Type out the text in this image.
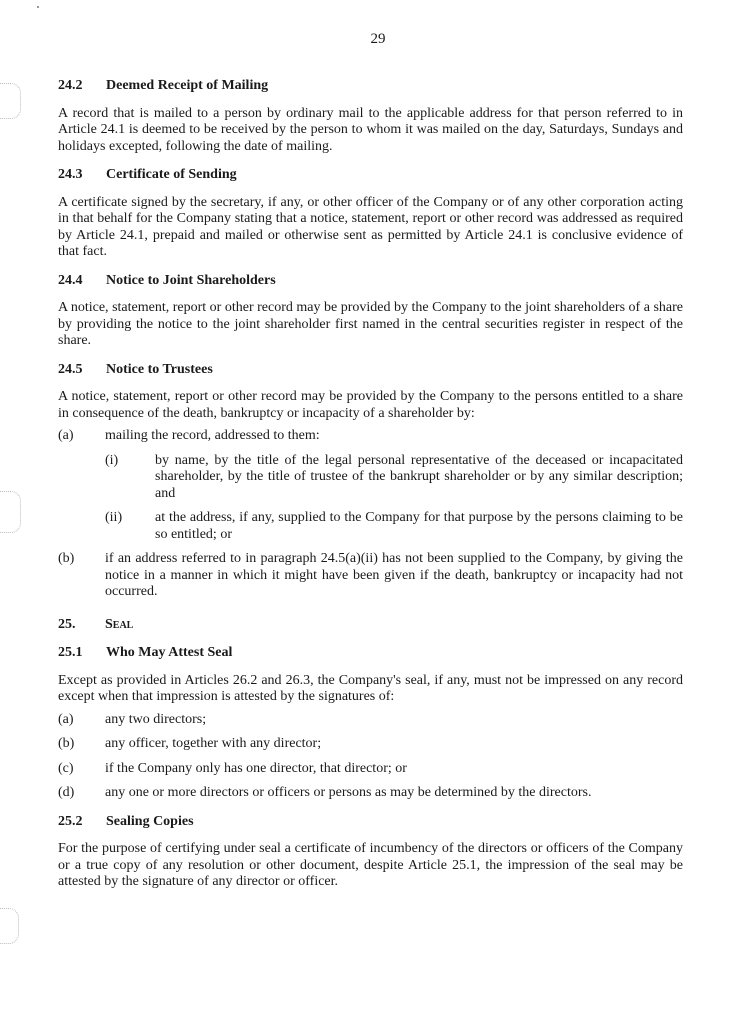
29
24.2 Deemed Receipt of Mailing

A record that is mailed to a person by ordinary mail to the applicable address for that person referred to in Article 24.1 is deemed to be received by the person to whom it was mailed on the day, Saturdays, Sundays and holidays excepted, following the date of mailing.

24.3 Certificate of Sending

A certificate signed by the secretary, if any, or other officer of the Company or of any other corporation acting in that behalf for the Company stating that a notice, statement, report or other record was addressed as required by Article 24.1, prepaid and mailed or otherwise sent as permitted by Article 24.1 is conclusive evidence of that fact.

24.4 Notice to Joint Shareholders

A notice, statement, report or other record may be provided by the Company to the joint shareholders of a share by providing the notice to the joint shareholder first named in the central securities register in respect of the share.

24.5 Notice to Trustees

A notice, statement, report or other record may be provided by the Company to the persons entitled to a share in consequence of the death, bankruptcy or incapacity of a shareholder by:

(a)	mailing the record, addressed to them:
(i)	by name, by the title of the legal personal representative of the deceased or incapacitated shareholder, by the title of trustee of the bankrupt shareholder or by any similar description; and
(ii)	at the address, if any, supplied to the Company for that purpose by the persons claiming to be so entitled; or
(b)	if an address referred to in paragraph 24.5(a)(ii) has not been supplied to the Company, by giving the notice in a manner in which it might have been given if the death, bankruptcy or incapacity had not occurred.
25. Seal
25.1 Who May Attest Seal

Except as provided in Articles 26.2 and 26.3, the Company's seal, if any, must not be impressed on any record except when that impression is attested by the signatures of:

(a)	any two directors;
(b)	any officer, together with any director;
(c)	if the Company only has one director, that director; or
(d)	any one or more directors or officers or persons as may be determined by the directors.
25.2 Sealing Copies

For the purpose of certifying under seal a certificate of incumbency of the directors or officers of the Company or a true copy of any resolution or other document, despite Article 25.1, the impression of the seal may be attested by the signature of any director or officer.
